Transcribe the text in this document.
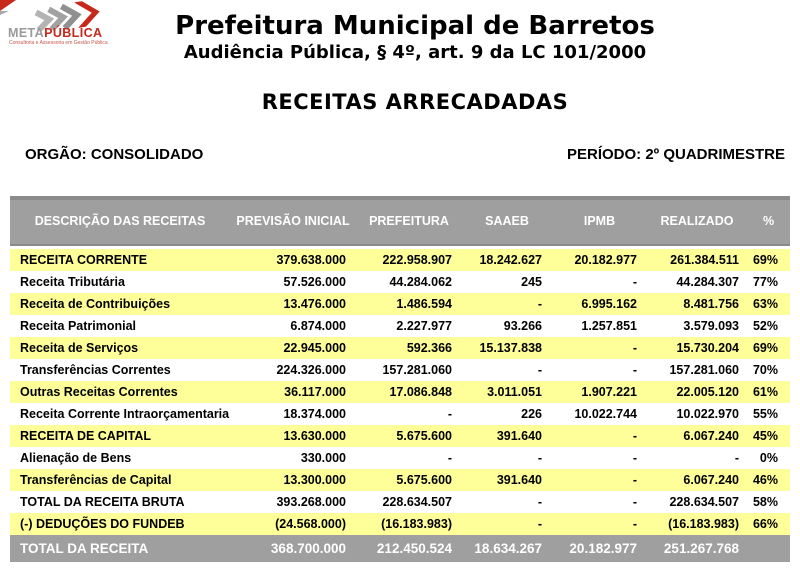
METAPÚBLICA
Consultoria e Assessoria em Gestão Pública
Prefeitura Municipal de Barretos
Audiência Pública, § 4º, art. 9 da LC 101/2000
RECEITAS ARRECADADAS
ORGÃO: CONSOLIDADO	PERÍODO: 2º QUADRIMESTRE
DESCRIÇÃO DAS RECEITAS	PREVISÃO INICIAL	PREFEITURA	SAAEB	IPMB	REALIZADO	%
RECEITA CORRENTE	379.638.000	222.958.907	18.242.627	20.182.977	261.384.511	69%
Receita Tributária	57.526.000	44.284.062	245	-	44.284.307	77%
Receita de Contribuições	13.476.000	1.486.594	-	6.995.162	8.481.756	63%
Receita Patrimonial	6.874.000	2.227.977	93.266	1.257.851	3.579.093	52%
Receita de Serviços	22.945.000	592.366	15.137.838	-	15.730.204	69%
Transferências Correntes	224.326.000	157.281.060	-	-	157.281.060	70%
Outras Receitas Correntes	36.117.000	17.086.848	3.011.051	1.907.221	22.005.120	61%
Receita Corrente Intraorçamentaria	18.374.000	-	226	10.022.744	10.022.970	55%
RECEITA DE CAPITAL	13.630.000	5.675.600	391.640	-	6.067.240	45%
Alienação de Bens	330.000	-	-	-	-	0%
Transferências de Capital	13.300.000	5.675.600	391.640	-	6.067.240	46%
TOTAL DA RECEITA BRUTA	393.268.000	228.634.507	-	-	228.634.507	58%
(-) DEDUÇÕES DO FUNDEB	(24.568.000)	(16.183.983)	-	-	(16.183.983)	66%
TOTAL DA RECEITA	368.700.000	212.450.524	18.634.267	20.182.977	251.267.768
